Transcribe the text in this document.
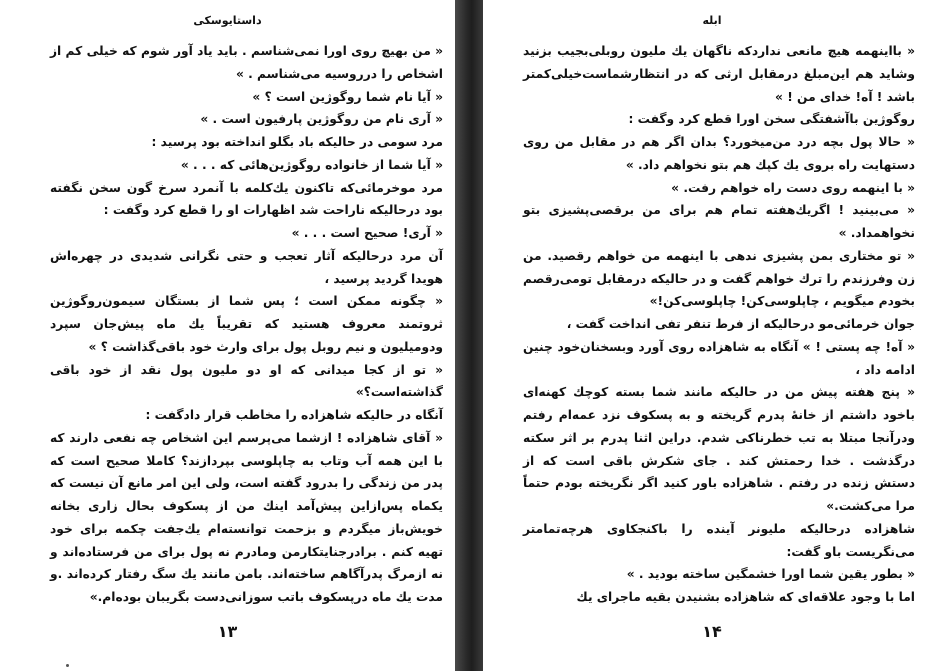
داستایوسکی

« من بهیچ روی اورا نمی‌شناسم . باید یاد آور شوم که خیلی کم از اشخاص را درروسیه می‌شناسم . »

« آیا نام شما روگوژین است ؟ »

« آری نام من روگوژین پارفیون است . »

مرد سومی در حالیکه باد بگلو انداخته بود پرسید :

« آیا شما از خانواده روگوژین‌هائی که . . . »

مرد موخرمائی‌که تاکنون یك‌کلمه با آنمرد سرخ گون سخن نگفته بود درحالیکه ناراحت شد اظهارات او را قطع کرد وگفت :

« آری! صحیح است . . . »

آن مرد درحالیکه آثار تعجب و حتی نگرانی شدیدی در چهره‌اش هویدا گردید پرسید ،

« چگونه ممکن است ؛ پس شما از بستگان سیمون‌روگوژین ثروتمند معروف هستید که تقریباً یك ماه پیش‌جان سپرد ودومیلیون و نیم روبل پول برای وارث خود باقی‌گذاشت ؟ »

« تو از کجا میدانی که او دو ملیون پول نقد از خود باقی گذاشته‌است؟»

آنگاه در حالیکه شاهزاده را مخاطب قرار داد‌گفت :

« آقای شاهزاده ! ازشما می‌پرسم این اشخاص چه نفعی دارند که با این همه آب وتاب به چاپلوسی بپردازند؟ کاملا صحیح است که پدر من زندگی را بدرود گفته است، ولی این امر مانع آن نیست که یکماه پس‌ازاین پیش‌آمد اینك من از پسکوف بحال زاری بخانه خویش‌باز میگردم و بزحمت توانسته‌ام یك‌جفت چکمه برای خود تهیه کنم . برادرجنایتکارمن ومادرم نه پول برای من فرستاده‌اند و نه ازمرگ پدرآگاهم ساخته‌اند. بامن مانند یك سگ رفتار کرده‌اند .و مدت یك ماه درپسکوف باتب سوزانی‌دست بگریبان بوده‌ام.»

۱۳
ابله

« بااینهمه هیچ مانعی نداردکه ناگهان یك ملیون روبلی‌بجیب بزنید وشاید هم این‌مبلغ درمقابل ارثی که در انتظارشماست‌خیلی‌کمتر باشد ! آه! خدای من ! »

روگوژین باآشفتگی سخن اورا قطع کرد وگفت :

« حالا پول بچه درد من‌میخورد؟ بدان اگر هم در مقابل من روی دستهایت راه بروی یك کپك هم بتو نخواهم داد. »

« با اینهمه روی دست راه خواهم رفت. »

« می‌بینید ! اگریك‌هفته تمام هم برای من برقصی‌پشیزی بتو نخواهمداد. »

« تو مختاری بمن پشیزی ندهی با اینهمه من خواهم رقصید. من زن وفرزندم را ترك خواهم گفت و در حالیکه درمقابل تومی‌رقصم بخودم میگویم ، چاپلوسی‌کن! چاپلوسی‌کن!»

جوان خرمائی‌مو درحالیکه از فرط تنفر تفی انداخت گفت ،

« آه! چه پستی ! » آنگاه به شاهزاده روی آورد وبسخنان‌خود چنین ادامه داد ،

« پنج هفته پیش من در حالیکه مانند شما بسته کوچك کهنه‌ای باخود داشتم از خانهٔ پدرم گریخته و به پسکوف نزد عمه‌ام رفتم ودرآنجا مبتلا به تب خطرناکی شدم. دراین اثنا پدرم بر اثر سکته درگذشت . خدا رحمتش کند . جای شکرش باقی است که از دستش زنده در رفتم . شاهزاده باور کنید اگر نگریخته بودم حتماً مرا می‌کشت.»

شاهزاده درحالیکه ملیونر آینده را باکنجکاوی هرچه‌تمامتر می‌نگریست باو گفت:

« بطور یقین شما اورا خشمگین ساخته بودید . »

اما با وجود علاقه‌ای که شاهزاده بشنیدن بقیه ماجرای یك

۱۴
